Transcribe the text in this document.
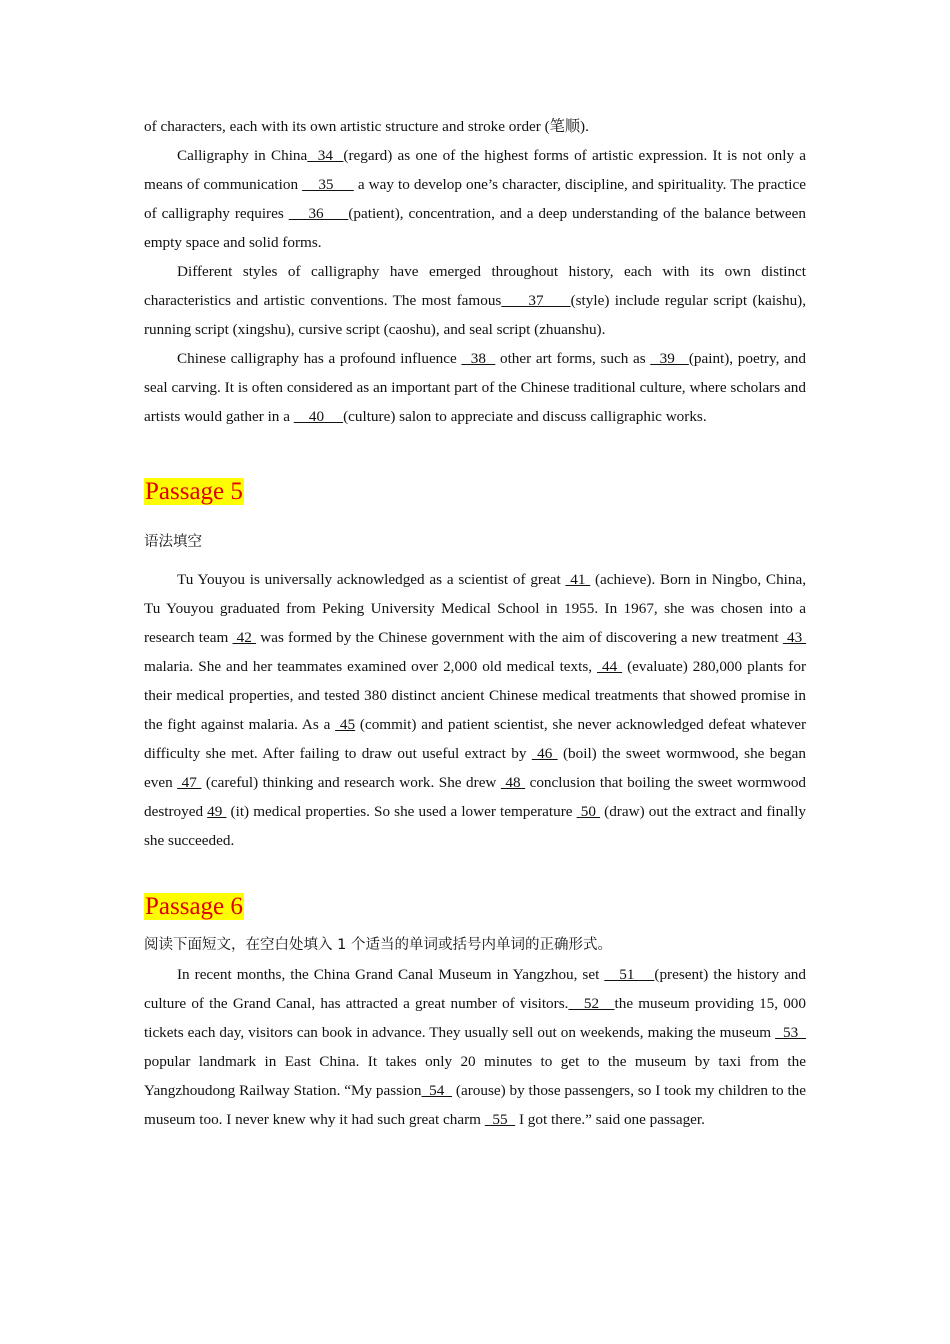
of characters, each with its own artistic structure and stroke order (笔顺).

Calligraphy in China  34  (regard) as one of the highest forms of artistic expression. It is not only a means of communication     35      a way to develop one’s character, discipline, and spirituality. The practice of calligraphy requires     36     (patient), concentration, and a deep understanding of the balance between empty space and solid forms.

Different styles of calligraphy have emerged throughout history, each with its own distinct characteristics and artistic conventions. The most famous     37     (style) include regular script (kaishu), running script (xingshu), cursive script (caoshu), and seal script (zhuanshu).

Chinese calligraphy has a profound influence   38   other art forms, such as   39   (paint), poetry, and seal carving. It is often considered as an important part of the Chinese traditional culture, where scholars and artists would gather in a     40     (culture) salon to appreciate and discuss calligraphic works.

Passage 5

语法填空

Tu Youyou is universally acknowledged as a scientist of great  41  (achieve). Born in Ningbo, China, Tu Youyou graduated from Peking University Medical School in 1955. In 1967, she was chosen into a research team  42  was formed by the Chinese government with the aim of discovering a new treatment  43  malaria. She and her teammates examined over 2,000 old medical texts,  44  (evaluate) 280,000 plants for their medical properties, and tested 380 distinct ancient Chinese medical treatments that showed promise in the fight against malaria. As a  45 (commit) and patient scientist, she never acknowledged defeat whatever difficulty she met. After failing to draw out useful extract by  46  (boil) the sweet wormwood, she began even  47  (careful) thinking and research work. She drew  48  conclusion that boiling the sweet wormwood destroyed 49  (it) medical properties. So she used a lower temperature  50  (draw) out the extract and finally she succeeded.

Passage 6

阅读下面短文，在空白处填入 1 个适当的单词或括号内单词的正确形式。

In recent months, the China Grand Canal Museum in Yangzhou, set    51    (present) the history and culture of the Grand Canal, has attracted a great number of visitors.   52   the museum providing 15, 000 tickets each day, visitors can book in advance. They usually sell out on weekends, making the museum   53   popular landmark in East China. It takes only 20 minutes to get to the museum by taxi from the Yangzhoudong Railway Station. “My passion  54   (arouse) by those passengers, so I took my children to the museum too. I never knew why it had such great charm   55   I got there.” said one passager.
